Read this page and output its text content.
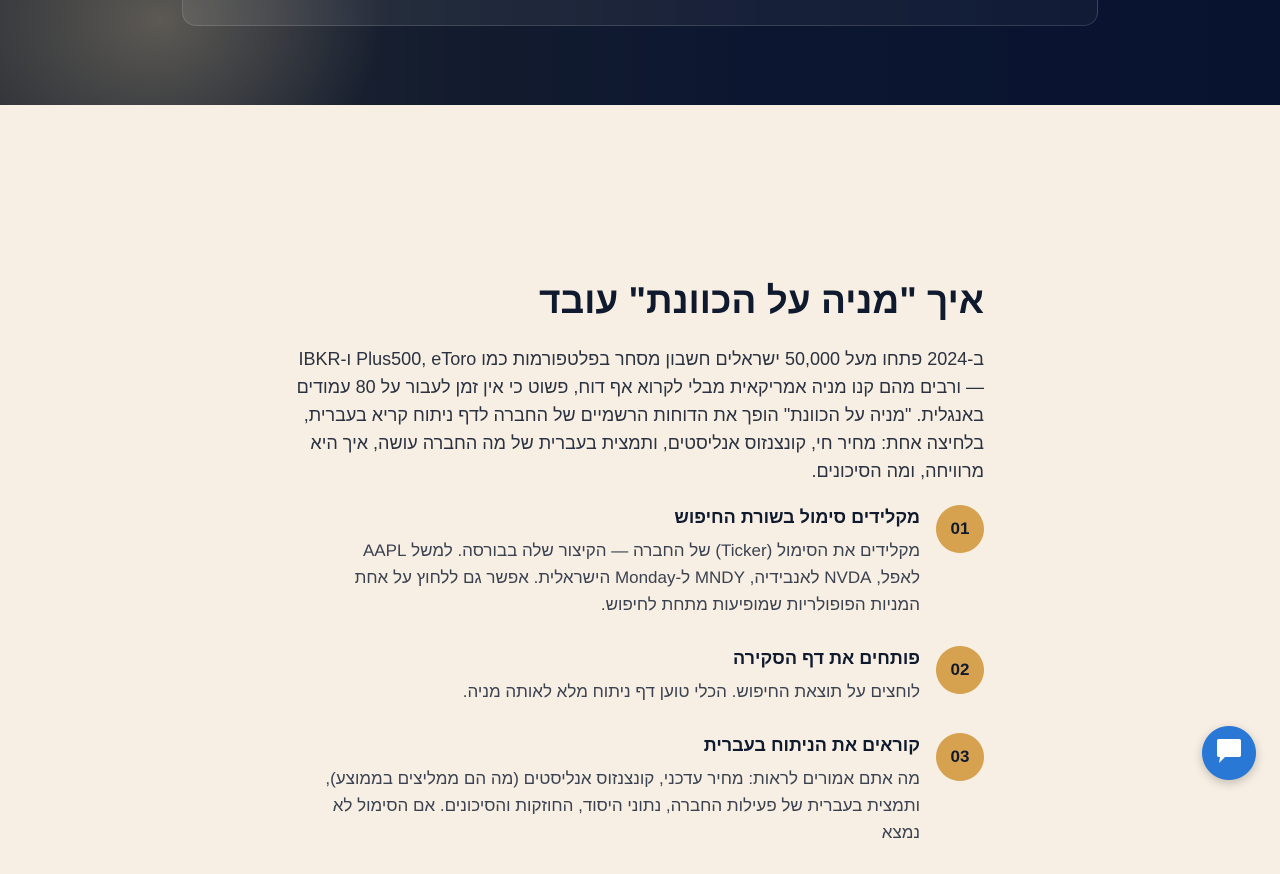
איך "מניה על הכוונת" עובד

ב-2024 פתחו מעל 50,000 ישראלים חשבון מסחר בפלטפורמות כמו Plus500, eToro ו-IBKR — ורבים מהם קנו מניה אמריקאית מבלי לקרוא אף דוח, פשוט כי אין זמן לעבור על 80 עמודים באנגלית. "מניה על הכוונת" הופך את הדוחות הרשמיים של החברה לדף ניתוח קריא בעברית, בלחיצה אחת: מחיר חי, קונצנזוס אנליסטים, ותמצית בעברית של מה החברה עושה, איך היא מרוויחה, ומה הסיכונים.

01
מקלידים סימול בשורת החיפוש

מקלידים את הסימול (Ticker) של החברה — הקיצור שלה בבורסה. למשל AAPL לאפל, NVDA לאנבידיה, MNDY ל-Monday הישראלית. אפשר גם ללחוץ על אחת המניות הפופולריות שמופיעות מתחת לחיפוש.

02
פותחים את דף הסקירה

לוחצים על תוצאת החיפוש. הכלי טוען דף ניתוח מלא לאותה מניה.

03
קוראים את הניתוח בעברית

מה אתם אמורים לראות: מחיר עדכני, קונצנזוס אנליסטים (מה הם ממליצים בממוצע), ותמצית בעברית של פעילות החברה, נתוני היסוד, החוזקות והסיכונים. אם הסימול לא נמצא
